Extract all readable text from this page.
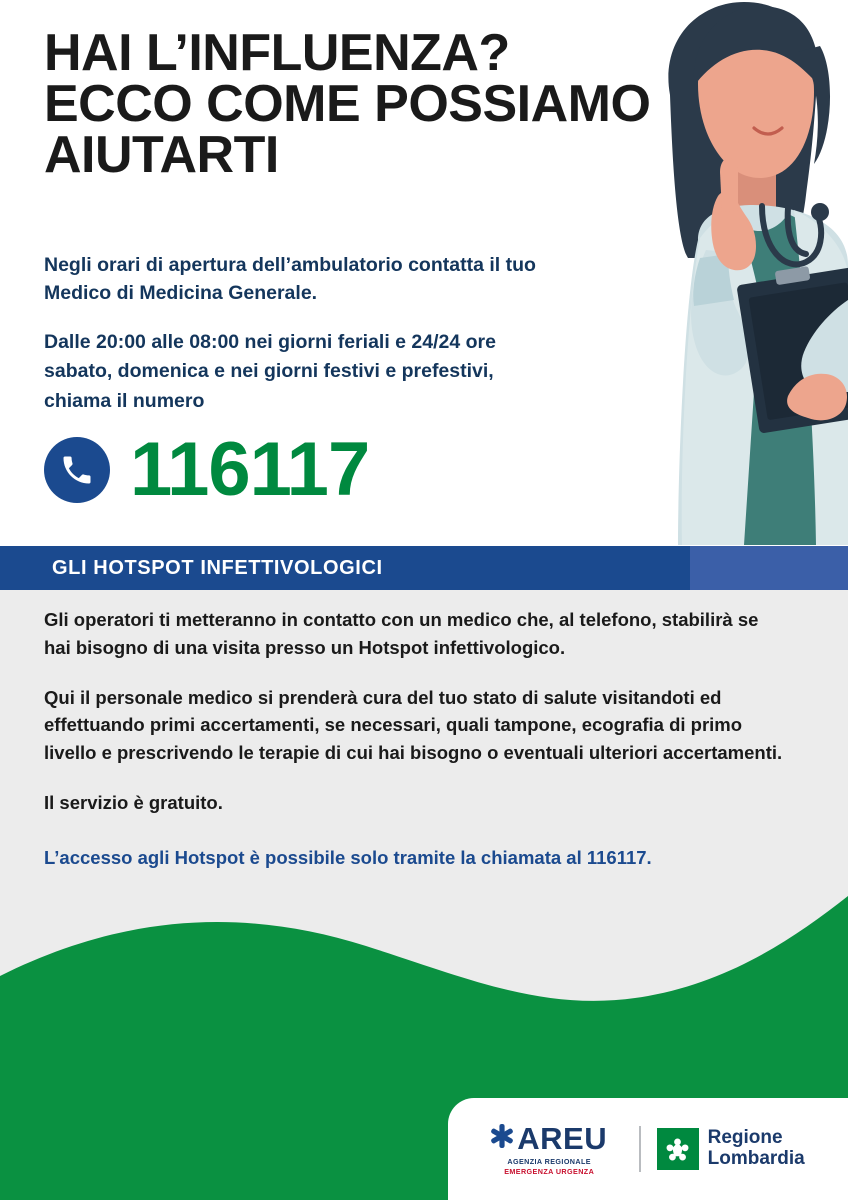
HAI L’INFLUENZA?
ECCO COME POSSIAMO
AIUTARTI
Negli orari di apertura dell’ambulatorio contatta il tuo Medico di Medicina Generale.
Dalle 20:00 alle 08:00 nei giorni feriali e 24/24 ore sabato, domenica e nei giorni festivi e prefestivi, chiama il numero
116117
GLI HOTSPOT INFETTIVOLOGICI

Gli operatori ti metteranno in contatto con un medico che, al telefono, stabilirà se hai bisogno di una visita presso un Hotspot infettivologico.

Qui il personale medico si prenderà cura del tuo stato di salute visitandoti ed effettuando primi accertamenti, se necessari, quali tampone, ecografia di primo livello e prescrivendo le terapie di cui hai bisogno o eventuali ulteriori accertamenti.

Il servizio è gratuito.

L’accesso agli Hotspot è possibile solo tramite la chiamata al 116117.

AREU
AGENZIA REGIONALE
EMERGENZA URGENZA
Regione
Lombardia
